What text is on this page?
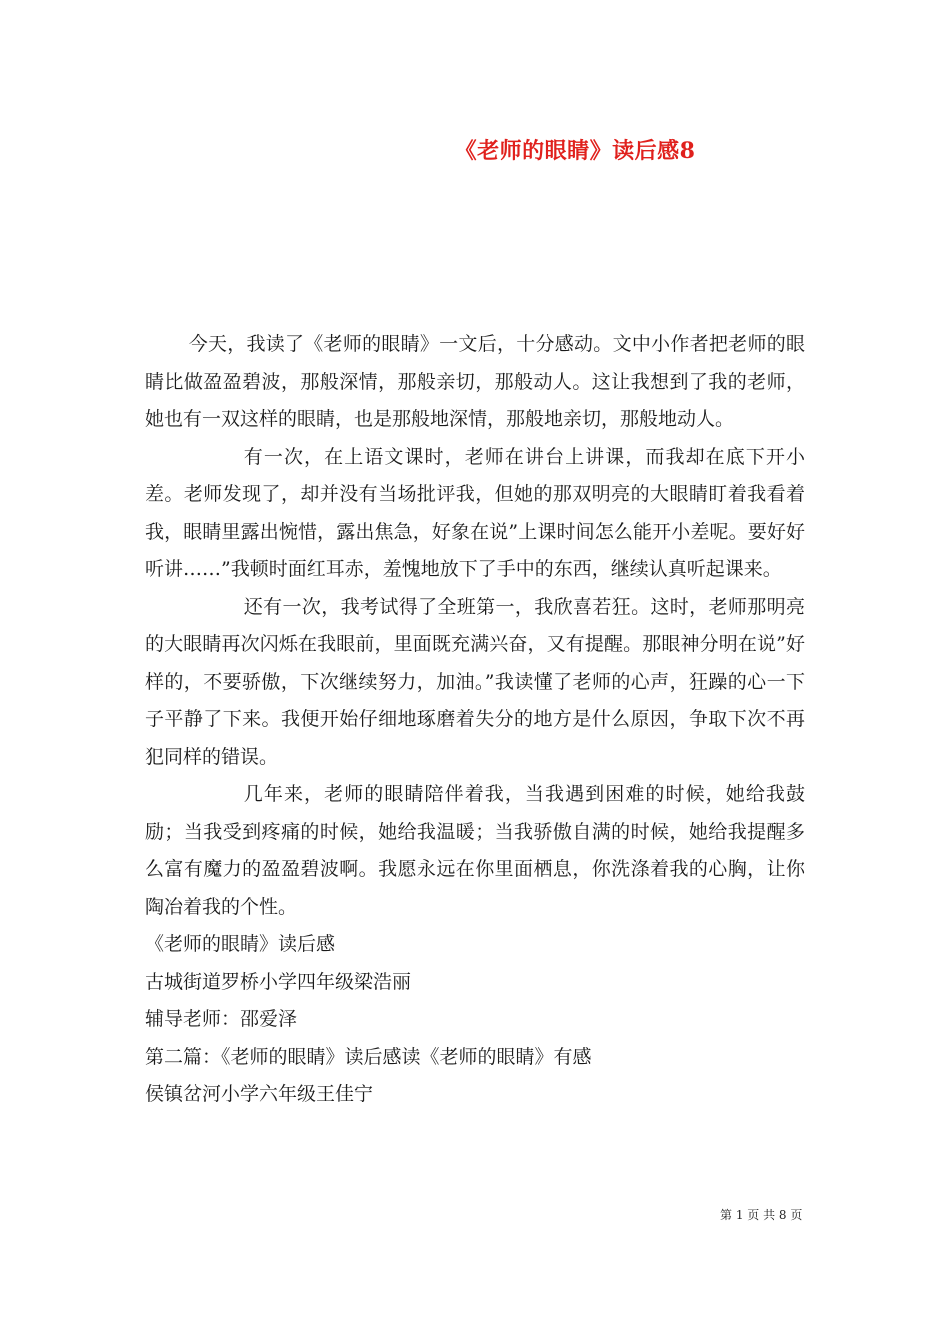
《老师的眼睛》读后感8

今天，我读了《老师的眼睛》一文后，十分感动。文中小作者把老师的眼睛比做盈盈碧波，那般深情，那般亲切，那般动人。这让我想到了我的老师，她也有一双这样的眼睛，也是那般地深情，那般地亲切，那般地动人。

有一次，在上语文课时，老师在讲台上讲课，而我却在底下开小差。老师发现了，却并没有当场批评我，但她的那双明亮的大眼睛盯着我看着我，眼睛里露出惋惜，露出焦急，好象在说”上课时间怎么能开小差呢。要好好听讲……”我顿时面红耳赤，羞愧地放下了手中的东西，继续认真听起课来。

还有一次，我考试得了全班第一，我欣喜若狂。这时，老师那明亮的大眼睛再次闪烁在我眼前，里面既充满兴奋，又有提醒。那眼神分明在说”好样的，不要骄傲，下次继续努力，加油。”我读懂了老师的心声，狂躁的心一下子平静了下来。我便开始仔细地琢磨着失分的地方是什么原因，争取下次不再犯同样的错误。

几年来，老师的眼睛陪伴着我，当我遇到困难的时候，她给我鼓励；当我受到疼痛的时候，她给我温暖；当我骄傲自满的时候，她给我提醒多么富有魔力的盈盈碧波啊。我愿永远在你里面栖息，你洗涤着我的心胸，让你陶冶着我的个性。

《老师的眼睛》读后感

古城街道罗桥小学四年级梁浩丽

辅导老师：邵爱泽

第二篇：《老师的眼睛》读后感读《老师的眼睛》有感

侯镇岔河小学六年级王佳宁

第 1 页 共 8 页
